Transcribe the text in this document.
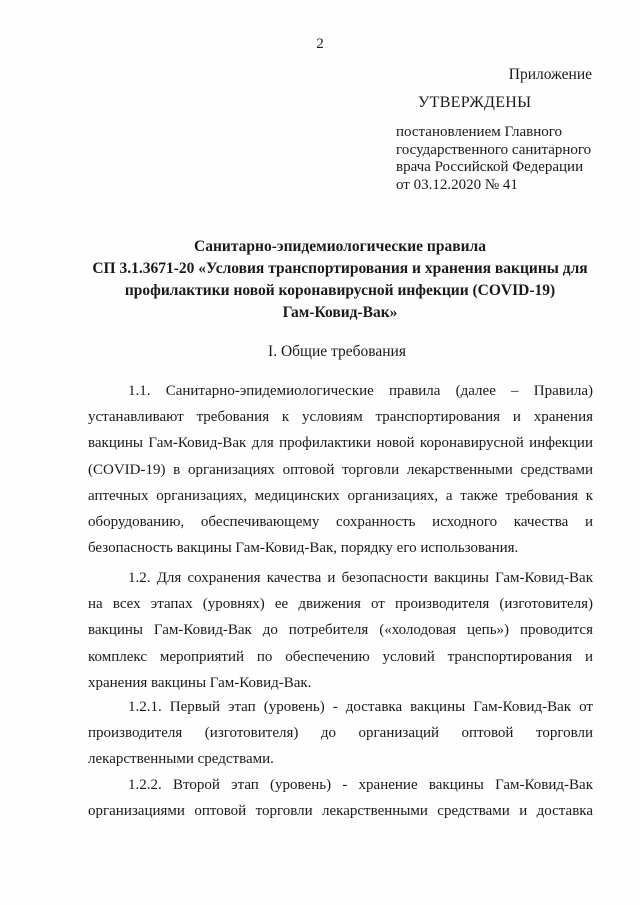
2
Приложение
УТВЕРЖДЕНЫ
постановлением Главного
государственного санитарного
врача Российской Федерации
от 03.12.2020 № 41
Санитарно-эпидемиологические правила
СП 3.1.3671-20 «Условия транспортирования и хранения вакцины для
профилактики новой коронавирусной инфекции (COVID-19)
Гам-Ковид-Вак»
I. Общие требования
1.1. Санитарно-эпидемиологические правила (далее – Правила)
устанавливают требования к условиям транспортирования и хранения
вакцины Гам-Ковид-Вак для профилактики новой коронавирусной инфекции
(COVID-19) в организациях оптовой торговли лекарственными средствами
аптечных организациях, медицинских организациях, а также требования к
оборудованию, обеспечивающему сохранность исходного качества и
безопасность вакцины Гам-Ковид-Вак, порядку его использования.
1.2. Для сохранения качества и безопасности вакцины Гам-Ковид-Вак
на всех этапах (уровнях) ее движения от производителя (изготовителя)
вакцины Гам-Ковид-Вак до потребителя («холодовая цепь») проводится
комплекс мероприятий по обеспечению условий транспортирования и
хранения вакцины Гам-Ковид-Вак.
1.2.1. Первый этап (уровень) - доставка вакцины Гам-Ковид-Вак от
производителя (изготовителя) до организаций оптовой торговли
лекарственными средствами.
1.2.2. Второй этап (уровень) - хранение вакцины Гам-Ковид-Вак
организациями оптовой торговли лекарственными средствами и доставка
